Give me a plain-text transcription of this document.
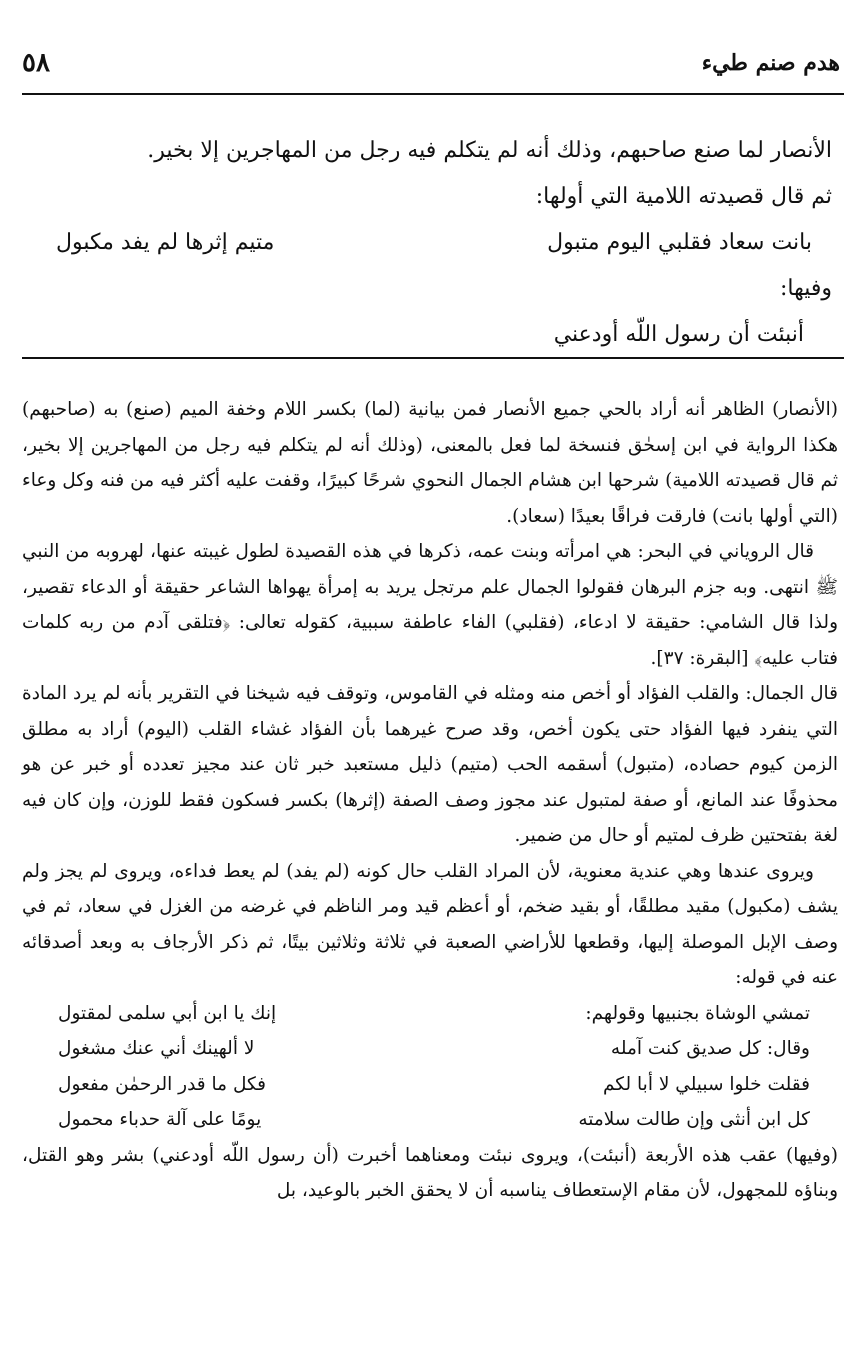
٥٨	هدم صنم طيء

الأنصار لما صنع صاحبهم، وذلك أنه لم يتكلم فيه رجل من المهاجرين إلا بخير.

ثم قال قصيدته اللامية التي أولها:

بانت سعاد فقلبي اليوم متبول
متيم إثرها لم يفد مكبول

وفيها:

أنبئت أن رسول اللّه أودعني

(الأنصار) الظاهر أنه أراد بالحي جميع الأنصار فمن بيانية (لما) بكسر اللام وخفة الميم (صنع) به (صاحبهم) هكذا الرواية في ابن إسحٰق فنسخة لما فعل بالمعنى، (وذلك أنه لم يتكلم فيه رجل من المهاجرين إلا بخير، ثم قال قصيدته اللامية) شرحها ابن هشام الجمال النحوي شرحًا كبيرًا، وقفت عليه أكثر فيه من فنه وكل وعاء (التي أولها بانت) فارقت فراقًا بعيدًا (سعاد).

قال الروياني في البحر: هي امرأته وبنت عمه، ذكرها في هذه القصيدة لطول غيبته عنها، لهروبه من النبي ﷺ انتهى. وبه جزم البرهان فقولوا الجمال علم مرتجل يريد به إمرأة يهواها الشاعر حقيقة أو الدعاء تقصير، ولذا قال الشامي: حقيقة لا ادعاء، (فقلبي) الفاء عاطفة سببية، كقوله تعالى: ﴿فتلقى آدم من ربه كلمات فتاب عليه﴾ [البقرة: ٣٧].

قال الجمال: والقلب الفؤاد أو أخص منه ومثله في القاموس، وتوقف فيه شيخنا في التقرير بأنه لم يرد المادة التي ينفرد فيها الفؤاد حتى يكون أخص، وقد صرح غيرهما بأن الفؤاد غشاء القلب (اليوم) أراد به مطلق الزمن كيوم حصاده، (متبول) أسقمه الحب (متيم) ذليل مستعبد خبر ثان عند مجيز تعدده أو خبر عن هو محذوفًا عند المانع، أو صفة لمتبول عند مجوز وصف الصفة (إثرها) بكسر فسكون فقط للوزن، وإن كان فيه لغة بفتحتين ظرف لمتيم أو حال من ضمير.

ويروى عندها وهي عندية معنوية، لأن المراد القلب حال كونه (لم يفد) لم يعط فداءه، ويروى لم يجز ولم يشف (مكبول) مقيد مطلقًا، أو بقيد ضخم، أو أعظم قيد ومر الناظم في غرضه من الغزل في سعاد، ثم في وصف الإبل الموصلة إليها، وقطعها للأراضي الصعبة في ثلاثة وثلاثين بيتًا، ثم ذكر الأرجاف به وبعد أصدقائه عنه في قوله:

تمشي الوشاة بجنبيها وقولهم:
إنك يا ابن أبي سلمى لمقتول
وقال: كل صديق كنت آمله
لا ألهينك أني عنك مشغول
فقلت خلوا سبيلي لا أبا لكم
فكل ما قدر الرحمٰن مفعول
كل ابن أنثى وإن طالت سلامته
يومًا على آلة حدباء محمول

(وفيها) عقب هذه الأربعة (أنبئت)، ويروى نبئت ومعناهما أخبرت (أن رسول اللّه أودعني) بشر وهو القتل، وبناؤه للمجهول، لأن مقام الإستعطاف يناسبه أن لا يحقق الخبر بالوعيد، بل
